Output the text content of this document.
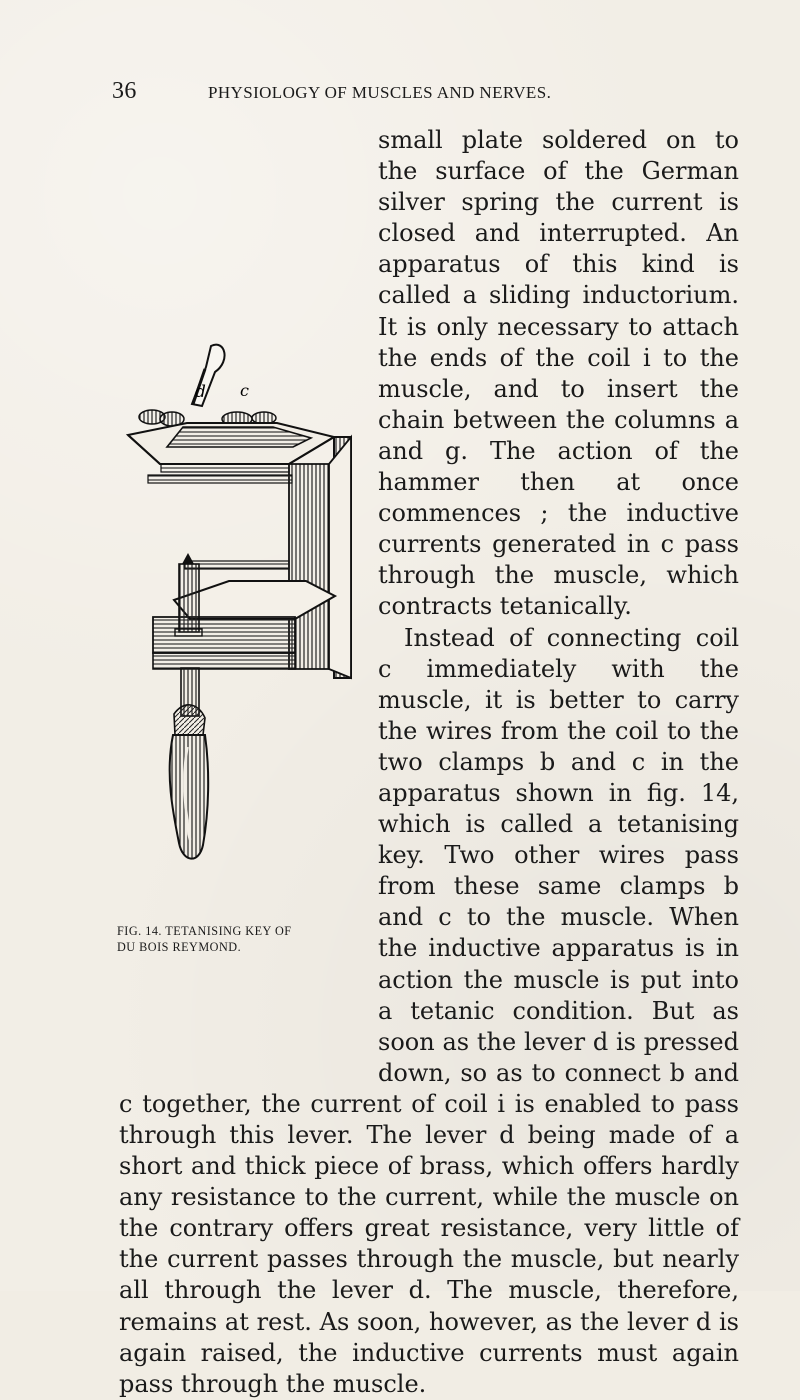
36	PHYSIOLOGY OF MUSCLES AND NERVES.
d c
FIG. 14. TETANISING KEY OF
DU BOIS REYMOND.

small plate soldered on to the surface of the German silver spring the current is closed and interrupted. An apparatus of this kind is called a sliding inductorium. It is only necessary to attach the ends of the coil i to the muscle, and to insert the chain between the columns a and g. The action of the hammer then at once commences ; the inductive currents generated in c pass through the muscle, which contracts tetanically.

Instead of connecting coil c immediately with the muscle, it is better to carry the wires from the coil to the two clamps b and c in the apparatus shown in fig. 14, which is called a tetanising key. Two other wires pass from these same clamps b and c to the muscle. When the inductive apparatus is in action the muscle is put into a tetanic condition. But as soon as the lever d is pressed down, so as to connect b and c together, the current of coil i is enabled to pass through this lever. The lever d being made of a short and thick piece of brass, which offers hardly any resistance to the current, while the muscle on the contrary offers great resistance, very little of the current passes through the muscle, but nearly all through the lever d. The muscle, therefore, remains at rest. As soon, however, as the lever d is again raised, the inductive currents must again pass through the muscle.
